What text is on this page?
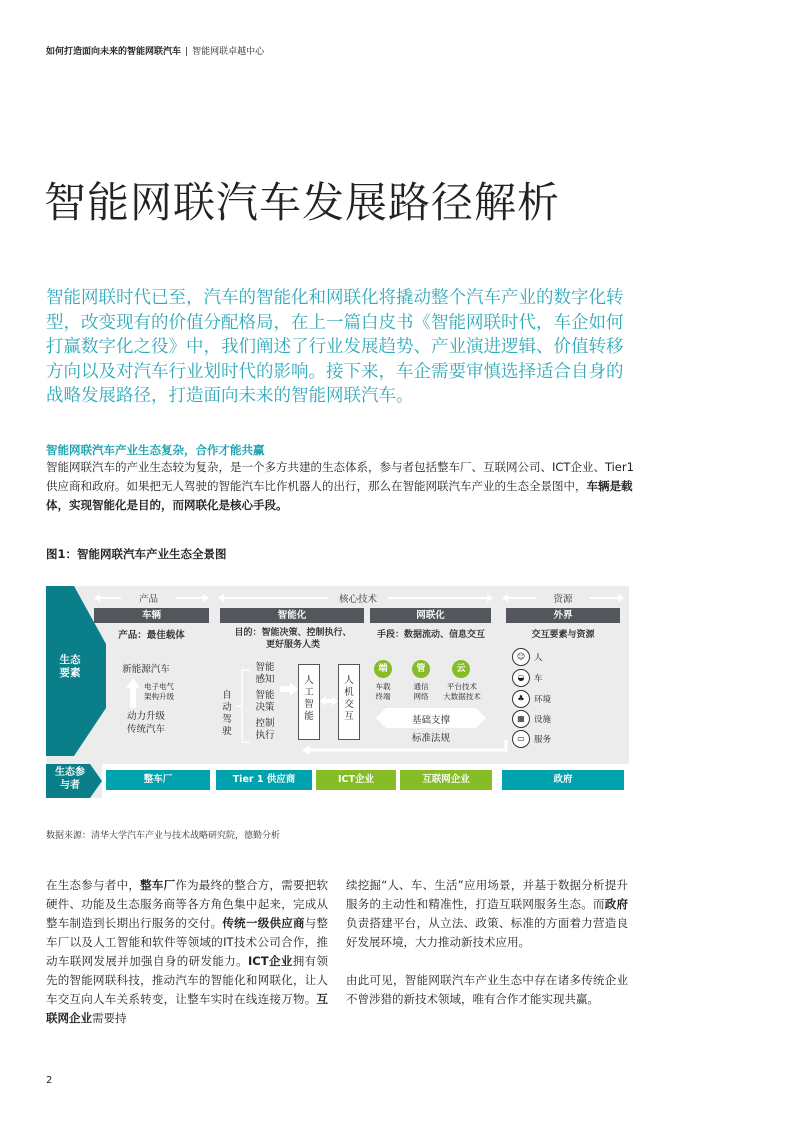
如何打造面向未来的智能网联汽车 | 智能网联卓越中心
智能网联汽车发展路径解析

智能网联时代已至，汽车的智能化和网联化将撬动整个汽车产业的数字化转型，改变现有的价值分配格局，在上一篇白皮书《智能网联时代，车企如何打赢数字化之役》中，我们阐述了行业发展趋势、产业演进逻辑、价值转移方向以及对汽车行业划时代的影响。接下来，车企需要审慎选择适合自身的战略发展路径，打造面向未来的智能网联汽车。

智能网联汽车产业生态复杂，合作才能共赢

智能网联汽车的产业生态较为复杂，是一个多方共建的生态体系，参与者包括整车厂、互联网公司、ICT企业、Tier1供应商和政府。如果把无人驾驶的智能汽车比作机器人的出行，那么在智能网联汽车产业的生态全景图中，车辆是载体，实现智能化是目的，而网联化是核心手段。

图1：智能网联汽车产业生态全景图
生态
要素
生态参
与者
产品
车辆
产品：最佳载体
新能源汽车
电子电气
架构升级
动力升级
传统汽车
核心技术
智能化	网联化
目的：智能决策、控制执行、
更好服务人类
手段：数据流动、信息交互
自
动
驾
驶
智能
感知
智能
决策
控制
执行
人
工
智
能
人
机
交
互
端	管	云
车载
终端
通信
网络
平台技术
大数据技术
基础支撑
标准法规
资源
外界
交互要素与资源
☺	人
◒	车
♣	环境
▦	设施
▭	服务
整车厂	Tier 1 供应商	ICT企业	互联网企业	政府
数据来源：清华大学汽车产业与技术战略研究院，德勤分析

在生态参与者中，整车厂作为最终的整合方，需要把软硬件、功能及生态服务商等各方角色集中起来，完成从整车制造到长期出行服务的交付。传统一级供应商与整车厂以及人工智能和软件等领域的IT技术公司合作，推动车联网发展并加强自身的研发能力。ICT企业拥有领先的智能网联科技，推动汽车的智能化和网联化，让人车交互向人车关系转变，让整车实时在线连接万物。互联网企业需要持

续挖掘“人、车、生活”应用场景，并基于数据分析提升服务的主动性和精准性，打造互联网服务生态。而政府负责搭建平台，从立法、政策、标准的方面着力营造良好发展环境，大力推动新技术应用。

由此可见，智能网联汽车产业生态中存在诸多传统企业不曾涉猎的新技术领域，唯有合作才能实现共赢。

2
